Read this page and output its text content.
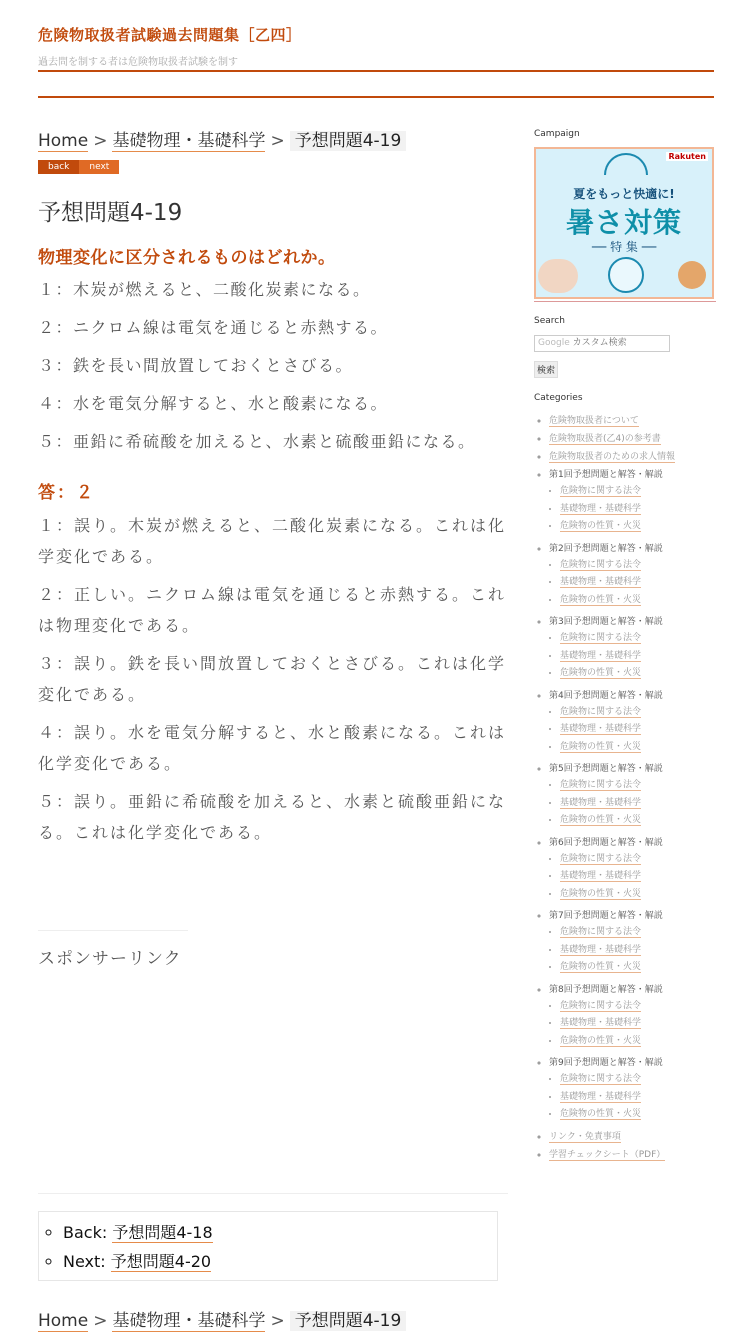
危険物取扱者試験過去問題集［乙四］
過去問を制する者は危険物取扱者試験を制す
Home > 基礎物理・基礎科学 > 予想問題4-19
back	next
予想問題4-19
物理変化に区分されるものはどれか。
１：木炭が燃えると、二酸化炭素になる。
２：ニクロム線は電気を通じると赤熱する。
３：鉄を長い間放置しておくとさびる。
４：水を電気分解すると、水と酸素になる。
５：亜鉛に希硫酸を加えると、水素と硫酸亜鉛になる。
答：２
１：誤り。木炭が燃えると、二酸化炭素になる。これは化学変化である。
２：正しい。ニクロム線は電気を通じると赤熱する。これは物理変化である。
３：誤り。鉄を長い間放置しておくとさびる。これは化学変化である。
４：誤り。水を電気分解すると、水と酸素になる。これは化学変化である。
５：誤り。亜鉛に希硫酸を加えると、水素と硫酸亜鉛になる。これは化学変化である。
スポンサーリンク
◦ Back: 予想問題4-18
◦ Next: 予想問題4-20
Home > 基礎物理・基礎科学 > 予想問題4-19
Campaign
Rakuten
夏をもっと快適に!
暑さ対策
── 特 集 ──
Search
Google カスタム検索
検索
Categories
◦ 危険物取扱者について
◦ 危険物取扱者(乙4)の参考書
◦ 危険物取扱者のための求人情報
◦ 第1回予想問題と解答・解説
• 危険物に関する法令
• 基礎物理・基礎科学
• 危険物の性質・火災
◦ 第2回予想問題と解答・解説
• 危険物に関する法令
• 基礎物理・基礎科学
• 危険物の性質・火災
◦ 第3回予想問題と解答・解説
• 危険物に関する法令
• 基礎物理・基礎科学
• 危険物の性質・火災
◦ 第4回予想問題と解答・解説
• 危険物に関する法令
• 基礎物理・基礎科学
• 危険物の性質・火災
◦ 第5回予想問題と解答・解説
• 危険物に関する法令
• 基礎物理・基礎科学
• 危険物の性質・火災
◦ 第6回予想問題と解答・解説
• 危険物に関する法令
• 基礎物理・基礎科学
• 危険物の性質・火災
◦ 第7回予想問題と解答・解説
• 危険物に関する法令
• 基礎物理・基礎科学
• 危険物の性質・火災
◦ 第8回予想問題と解答・解説
• 危険物に関する法令
• 基礎物理・基礎科学
• 危険物の性質・火災
◦ 第9回予想問題と解答・解説
• 危険物に関する法令
• 基礎物理・基礎科学
• 危険物の性質・火災
◦ リンク・免責事項
◦ 学習チェックシート（PDF）
